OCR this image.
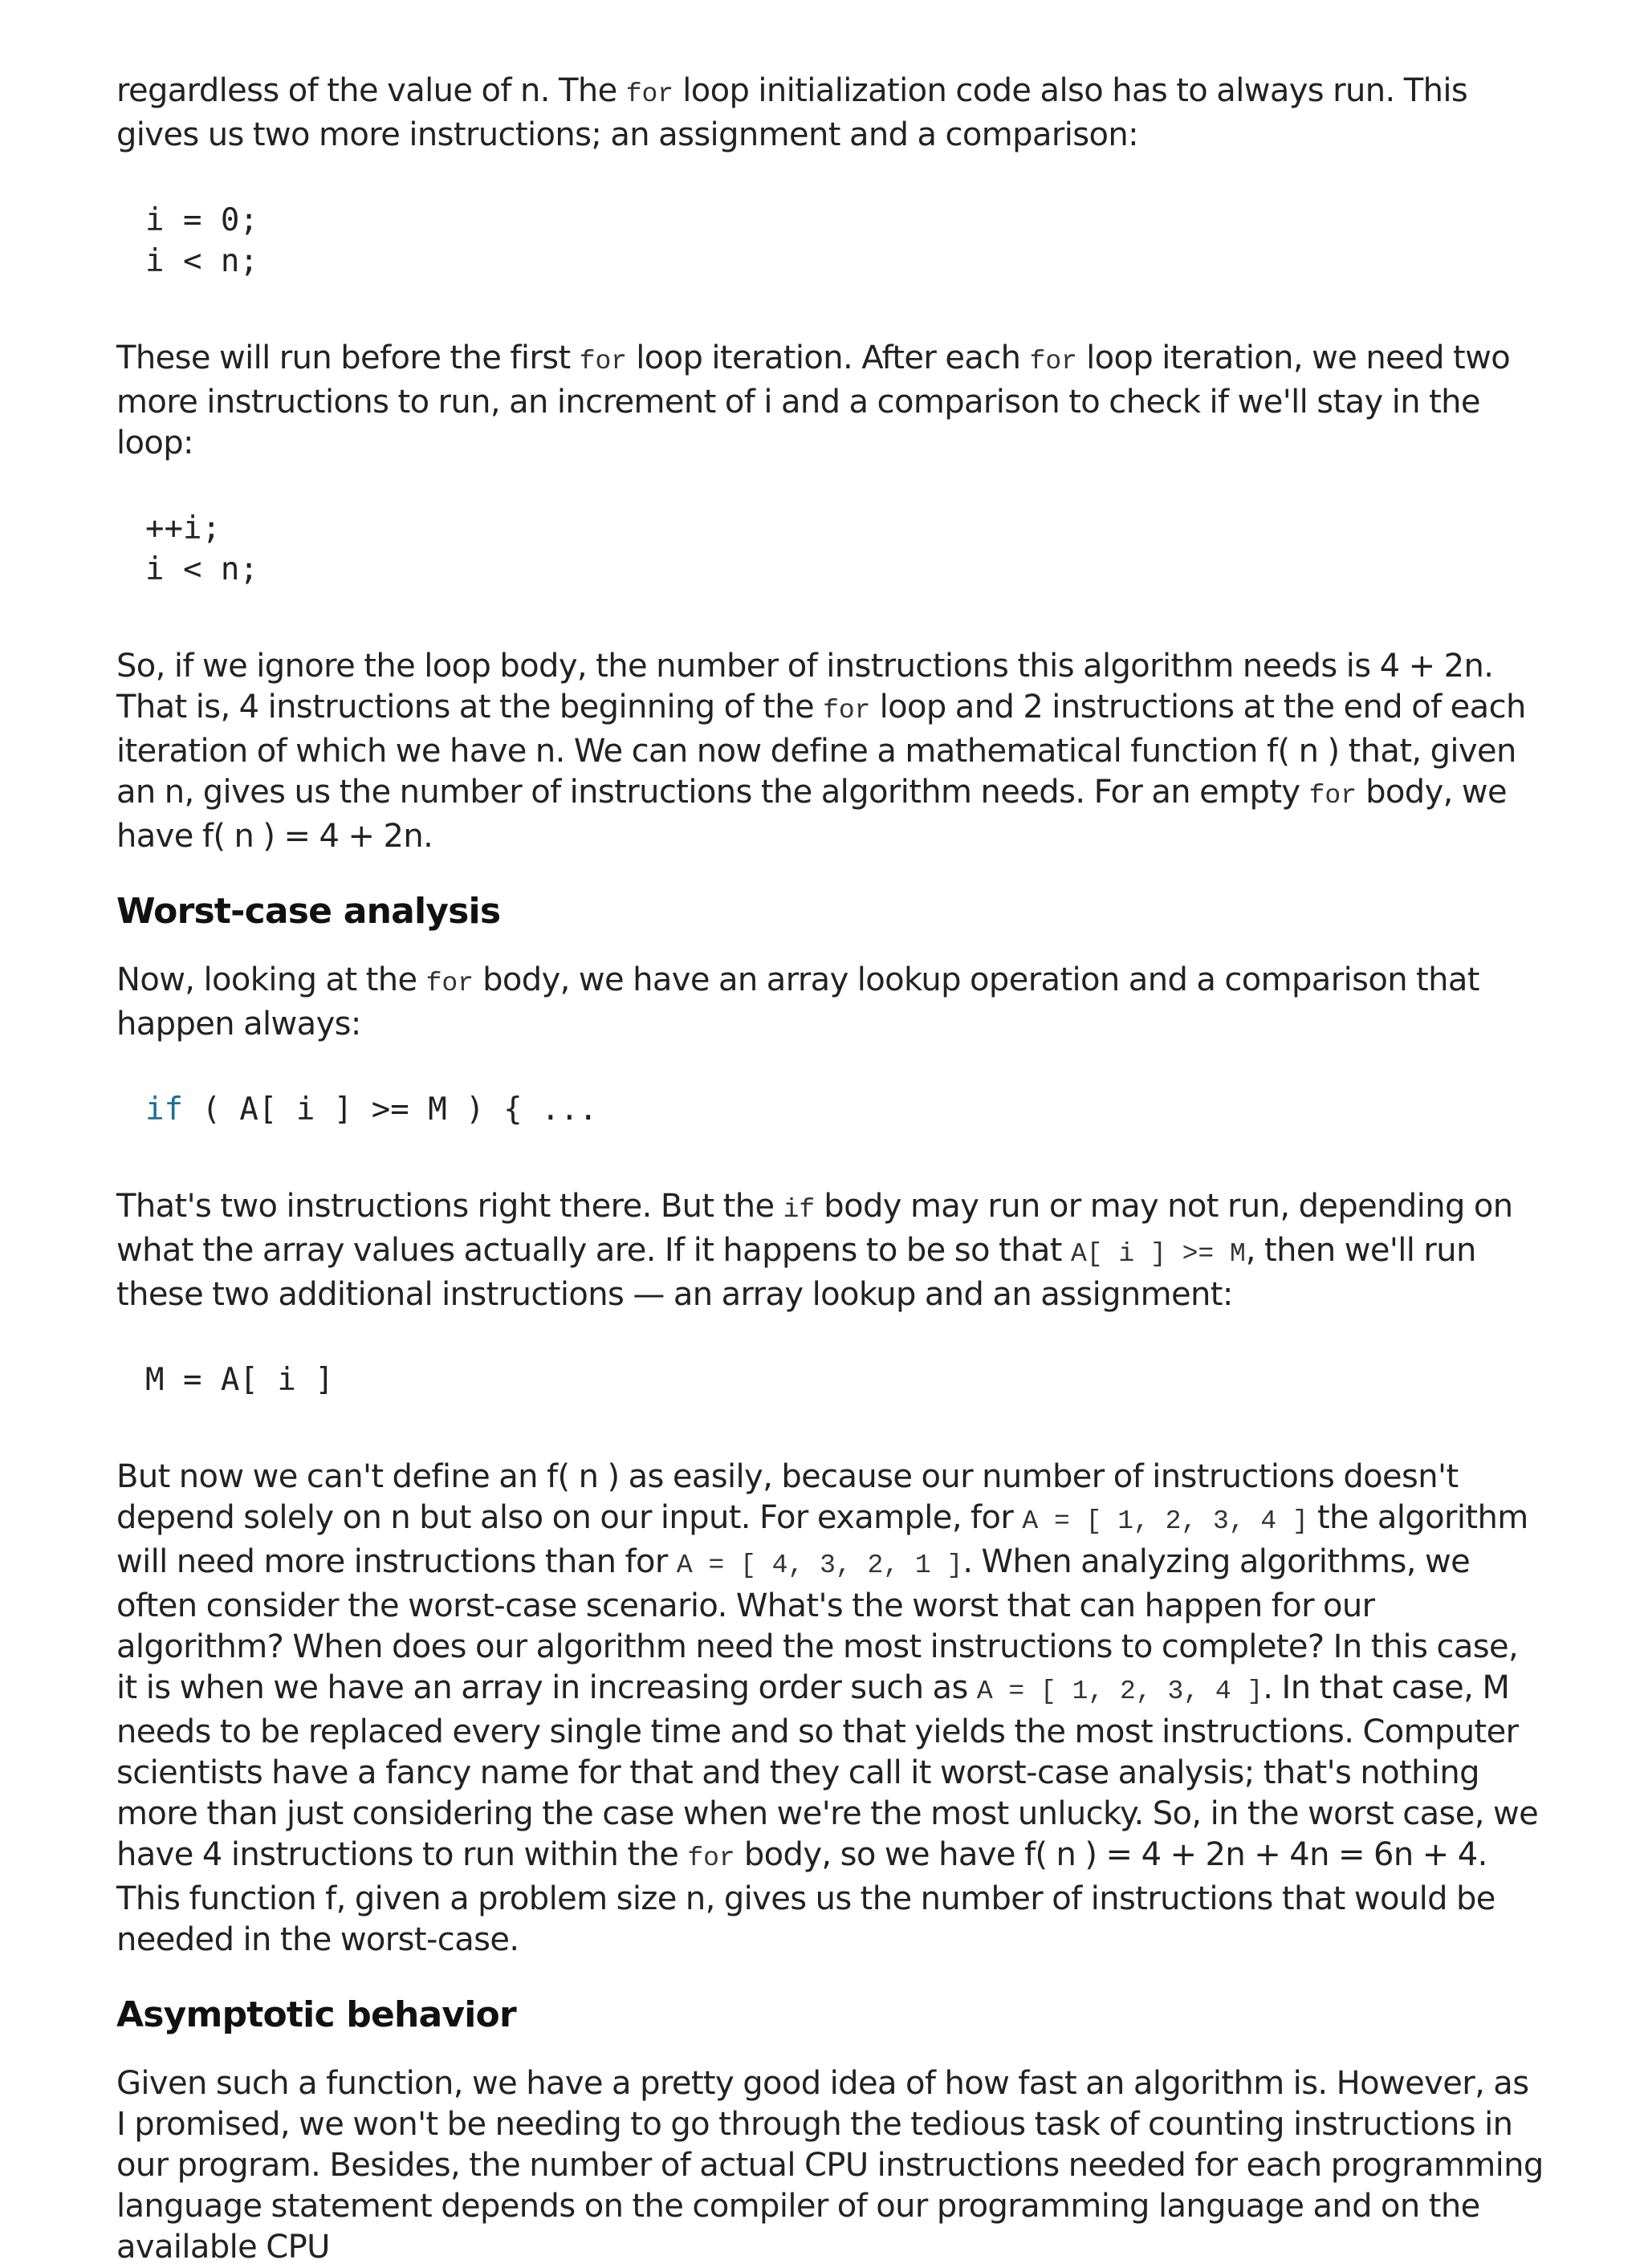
regardless of the value of n. The for loop initialization code also has to always run. This gives us two more instructions; an assignment and a comparison:

i = 0;
i < n;

These will run before the first for loop iteration. After each for loop iteration, we need two more instructions to run, an increment of i and a comparison to check if we'll stay in the loop:

++i;
i < n;

So, if we ignore the loop body, the number of instructions this algorithm needs is 4 + 2n. That is, 4 instructions at the beginning of the for loop and 2 instructions at the end of each iteration of which we have n. We can now define a mathematical function f( n ) that, given an n, gives us the number of instructions the algorithm needs. For an empty for body, we have f( n ) = 4 + 2n.

Worst-case analysis

Now, looking at the for body, we have an array lookup operation and a comparison that happen always:

if ( A[ i ] >= M ) { ...

That's two instructions right there. But the if body may run or may not run, depending on what the array values actually are. If it happens to be so that A[ i ] >= M, then we'll run these two additional instructions — an array lookup and an assignment:

M = A[ i ]

But now we can't define an f( n ) as easily, because our number of instructions doesn't depend solely on n but also on our input. For example, for A = [ 1, 2, 3, 4 ] the algorithm will need more instructions than for A = [ 4, 3, 2, 1 ]. When analyzing algorithms, we often consider the worst-case scenario. What's the worst that can happen for our algorithm? When does our algorithm need the most instructions to complete? In this case, it is when we have an array in increasing order such as A = [ 1, 2, 3, 4 ]. In that case, M needs to be replaced every single time and so that yields the most instructions. Computer scientists have a fancy name for that and they call it worst-case analysis; that's nothing more than just considering the case when we're the most unlucky. So, in the worst case, we have 4 instructions to run within the for body, so we have f( n ) = 4 + 2n + 4n = 6n + 4. This function f, given a problem size n, gives us the number of instructions that would be needed in the worst-case.

Asymptotic behavior

Given such a function, we have a pretty good idea of how fast an algorithm is. However, as I promised, we won't be needing to go through the tedious task of counting instructions in our program. Besides, the number of actual CPU instructions needed for each programming language statement depends on the compiler of our programming language and on the available CPU
